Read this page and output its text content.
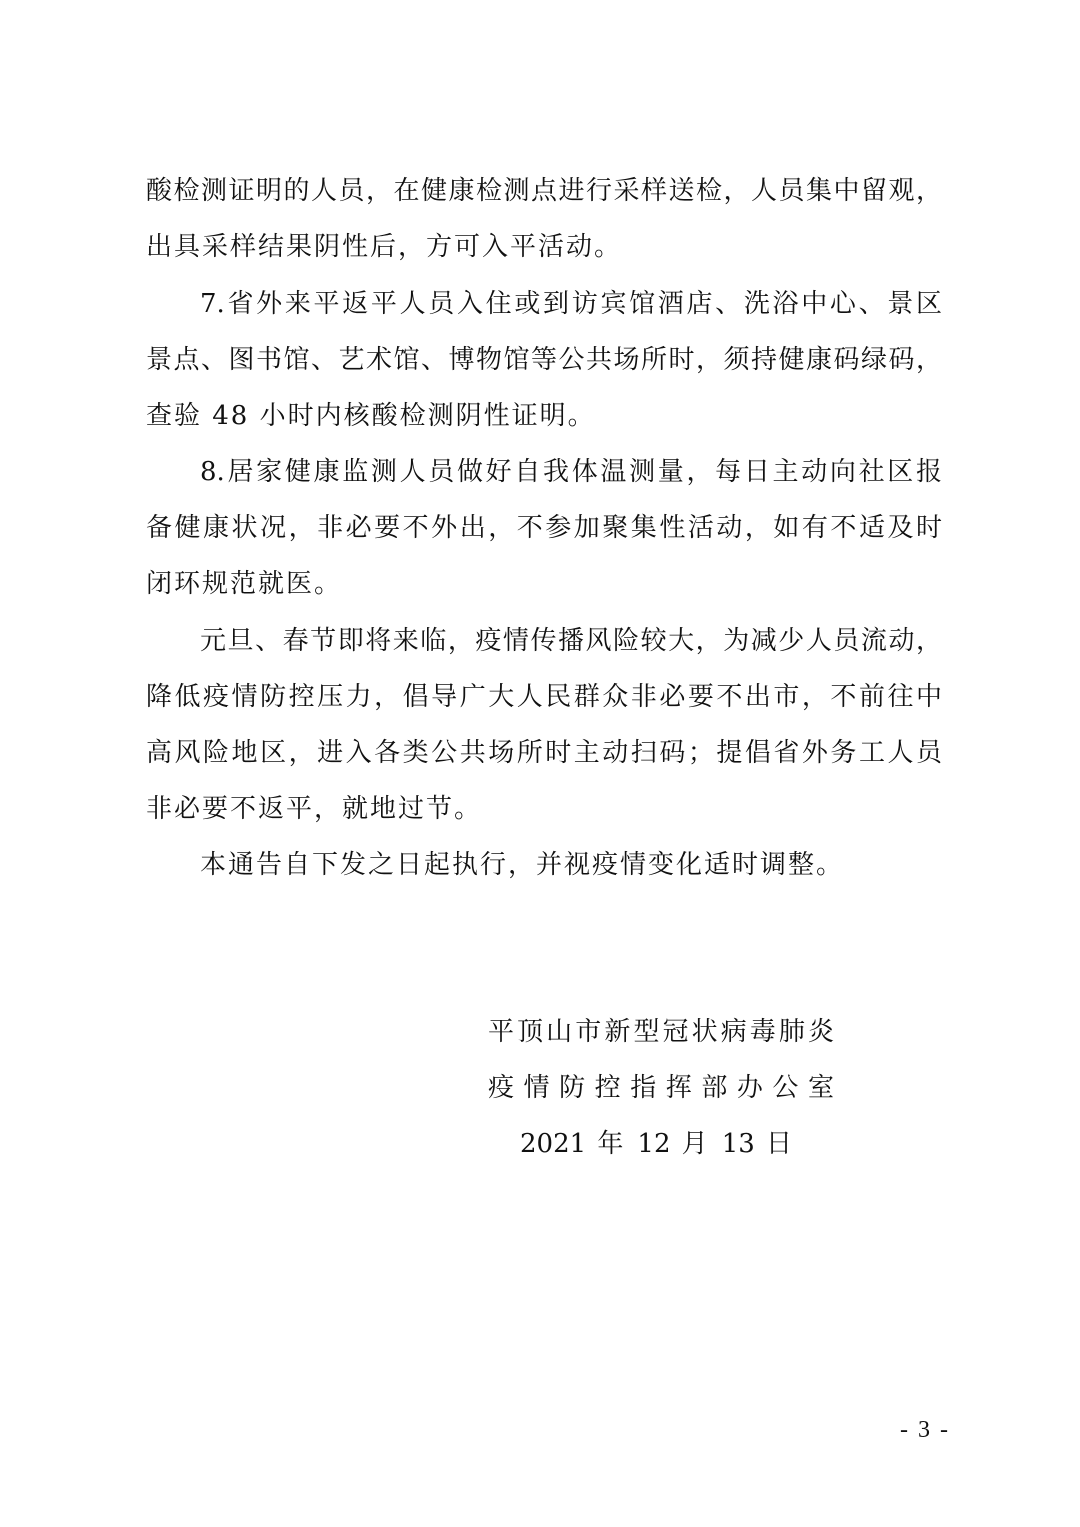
酸检测证明的人员，在健康检测点进行采样送检，人员集中留观，
出具采样结果阴性后，方可入平活动。
7.省外来平返平人员入住或到访宾馆酒店、洗浴中心、景区
景点、图书馆、艺术馆、博物馆等公共场所时，须持健康码绿码，
查验 48 小时内核酸检测阴性证明。
8.居家健康监测人员做好自我体温测量，每日主动向社区报
备健康状况，非必要不外出，不参加聚集性活动，如有不适及时
闭环规范就医。
元旦、春节即将来临，疫情传播风险较大，为减少人员流动，
降低疫情防控压力，倡导广大人民群众非必要不出市，不前往中
高风险地区，进入各类公共场所时主动扫码；提倡省外务工人员
非必要不返平，就地过节。
本通告自下发之日起执行，并视疫情变化适时调整。
平顶山市新型冠状病毒肺炎
疫情防控指挥部办公室
2021 年 12 月 13 日
- 3 -
